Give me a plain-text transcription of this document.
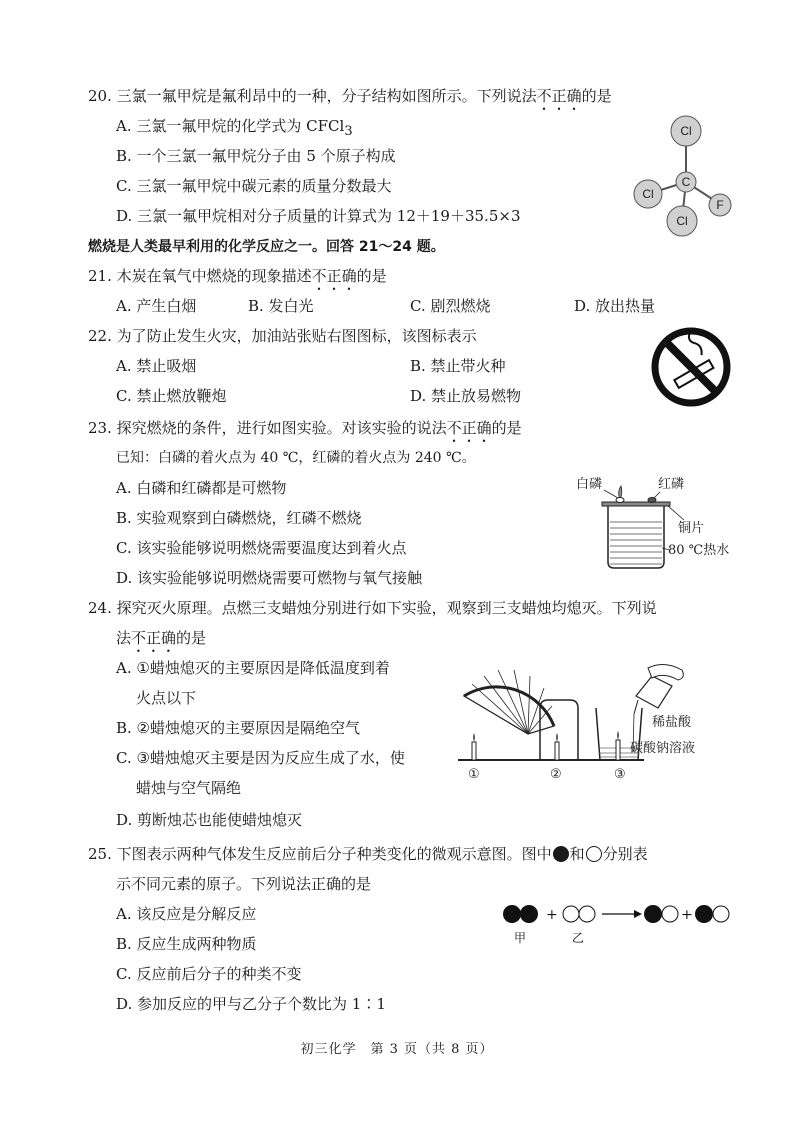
20. 三氯一氟甲烷是氟利昂中的一种，分子结构如图所示。下列说法不正确的是
A. 三氯一氟甲烷的化学式为 CFCl$_3$
B. 一个三氯一氟甲烷分子由 5 个原子构成
C. 三氯一氟甲烷中碳元素的质量分数最大
D. 三氯一氟甲烷相对分子质量的计算式为 12＋19＋35.5×3
Cl
Cl
Cl
F
C
燃烧是人类最早利用的化学反应之一。回答 21～24 题。
21. 木炭在氧气中燃烧的现象描述不正确的是
A. 产生白烟	B. 发白光	C. 剧烈燃烧	D. 放出热量
22. 为了防止发生火灾，加油站张贴右图图标，该图标表示
A. 禁止吸烟	B. 禁止带火种
C. 禁止燃放鞭炮	D. 禁止放易燃物
23. 探究燃烧的条件，进行如图实验。对该实验的说法不正确的是
已知：白磷的着火点为 40 ℃，红磷的着火点为 240 ℃。
A. 白磷和红磷都是可燃物
B. 实验观察到白磷燃烧，红磷不燃烧
C. 该实验能够说明燃烧需要温度达到着火点
D. 该实验能够说明燃烧需要可燃物与氧气接触
白磷	红磷
铜片
80 ℃热水
24. 探究灭火原理。点燃三支蜡烛分别进行如下实验，观察到三支蜡烛均熄灭。下列说
法不正确的是
A. ①蜡烛熄灭的主要原因是降低温度到着
火点以下
B. ②蜡烛熄灭的主要原因是隔绝空气
C. ③蜡烛熄灭主要是因为反应生成了水，使
蜡烛与空气隔绝
D. 剪断烛芯也能使蜡烛熄灭
稀盐酸
碳酸钠溶液
①	②	③
25. 下图表示两种气体发生反应前后分子种类变化的微观示意图。图中 和 分别表
示不同元素的原子。下列说法正确的是
A. 该反应是分解反应
B. 反应生成两种物质
C. 反应前后分子的种类不变
D. 参加反应的甲与乙分子个数比为 1∶1
+	+
甲	乙
初三化学　第 3 页（共 8 页）
